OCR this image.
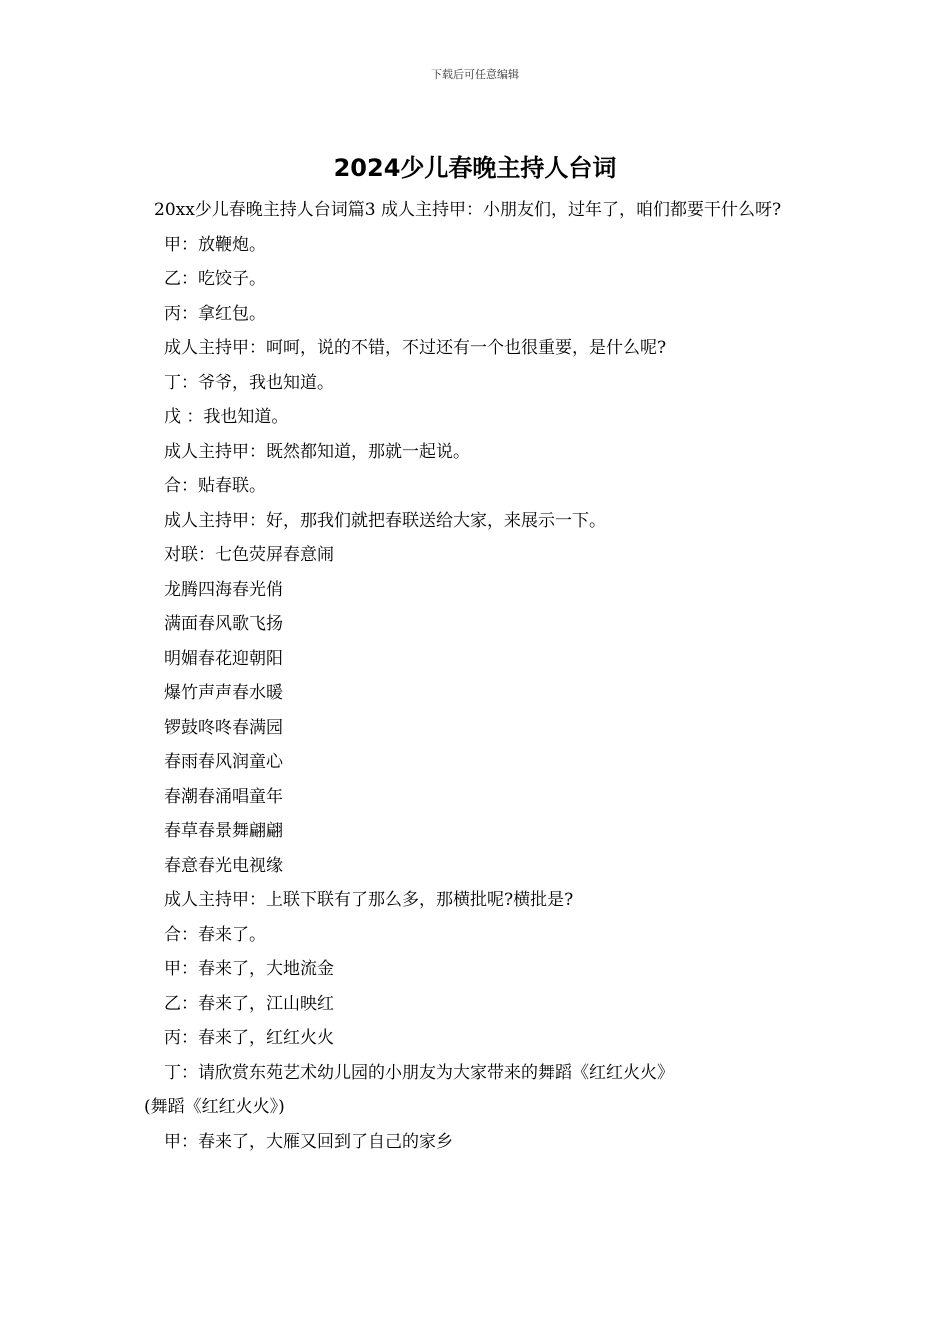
下载后可任意编辑
2024少儿春晚主持人台词

20xx少儿春晚主持人台词篇3 成人主持甲：小朋友们，过年了，咱们都要干什么呀?

甲：放鞭炮。

乙：吃饺子。

丙：拿红包。

成人主持甲：呵呵，说的不错，不过还有一个也很重要，是什么呢?

丁：爷爷，我也知道。

戊 ：我也知道。

成人主持甲：既然都知道，那就一起说。

合：贴春联。

成人主持甲：好，那我们就把春联送给大家，来展示一下。

对联：七色荧屏春意闹

龙腾四海春光俏

满面春风歌飞扬

明媚春花迎朝阳

爆竹声声春水暖

锣鼓咚咚春满园

春雨春风润童心

春潮春涌唱童年

春草春景舞翩翩

春意春光电视缘

成人主持甲：上联下联有了那么多，那横批呢?横批是?

合：春来了。

甲：春来了，大地流金

乙：春来了，江山映红

丙：春来了，红红火火

丁：请欣赏东苑艺术幼儿园的小朋友为大家带来的舞蹈《红红火火》

(舞蹈《红红火火》)

甲：春来了，大雁又回到了自己的家乡
